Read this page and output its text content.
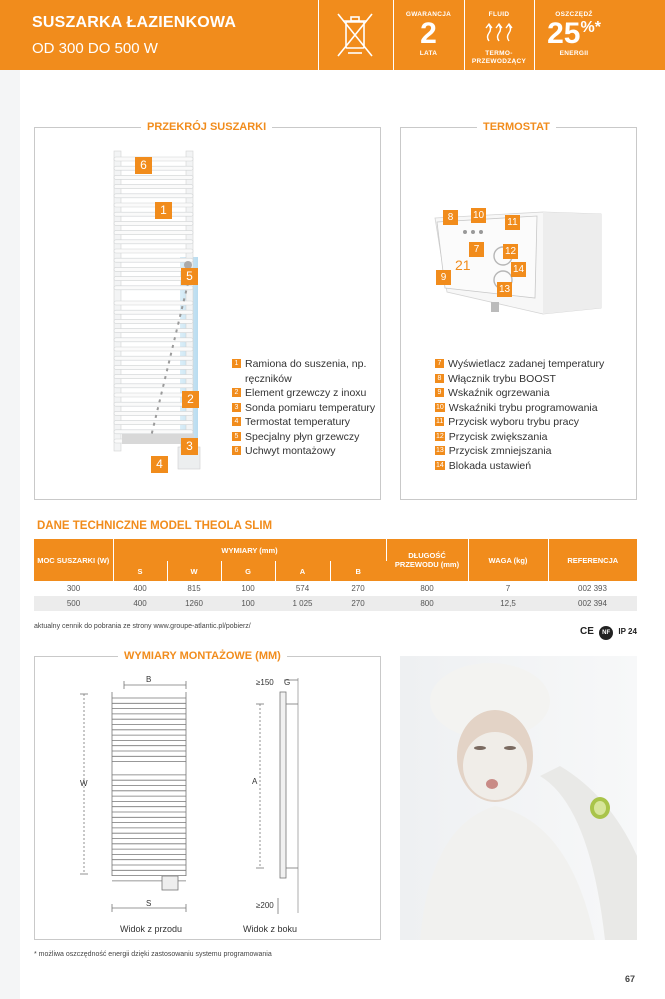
SUSZARKA ŁAZIENKOWA
OD 300 DO 500 W
GWARANCJA
2
LATA
FLUID
TERMO-
PRZEWODZĄCY
OSZCZĘDŹ
25%*
ENERGII
PRZEKRÓJ SUSZARKI
6
1
5
2
3
4
1 Ramiona do suszenia, np. ręczników
2 Element grzewczy z inoxu
3 Sonda pomiaru temperatury
4 Termostat temperatury
5 Specjalny płyn grzewczy
6 Uchwyt montażowy
TERMOSTAT
21
8	10
11
7	12
14
9
13
7 Wyświetlacz zadanej temperatury
8 Włącznik trybu BOOST
9 Wskaźnik ogrzewania
10 Wskaźniki trybu programowania
11 Przycisk wyboru trybu pracy
12 Przycisk zwiększania
13 Przycisk zmniejszania
14 Blokada ustawień
DANE TECHNICZNE MODEL THEOLA SLIM
MOC SUSZARKI (W)	WYMIARY (mm)					DŁUGOŚĆ PRZEWODU (mm)	WAGA (kg)	REFERENCJA
	S	W	G	A	B			
300	400	815	100	574	270	800	7	002 393
500	400	1260	100	1 025	270	800	12,5	002 394
aktualny cennik do pobrania ze strony www.groupe-atlantic.pl/pobierz/	CE NF IP 24
WYMIARY MONTAŻOWE (MM)
B
W
S
A
G
≥150
≥200
Widok z przodu	Widok z boku
* możliwa oszczędność energii dzięki zastosowaniu systemu programowania
67
